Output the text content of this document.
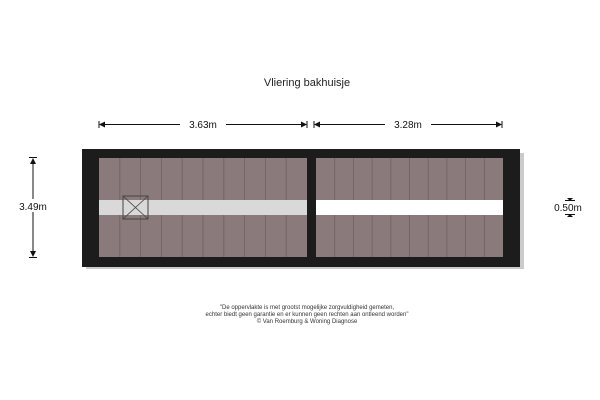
Vliering bakhuisje
3.63m	3.28m
3.49m	0.50m
"De oppervlakte is met grootst mogelijke zorgvuldigheid gemeten,
echter biedt geen garantie en er kunnen geen rechten aan ontleend worden"
© Van Roemburg & Woning Diagnose
